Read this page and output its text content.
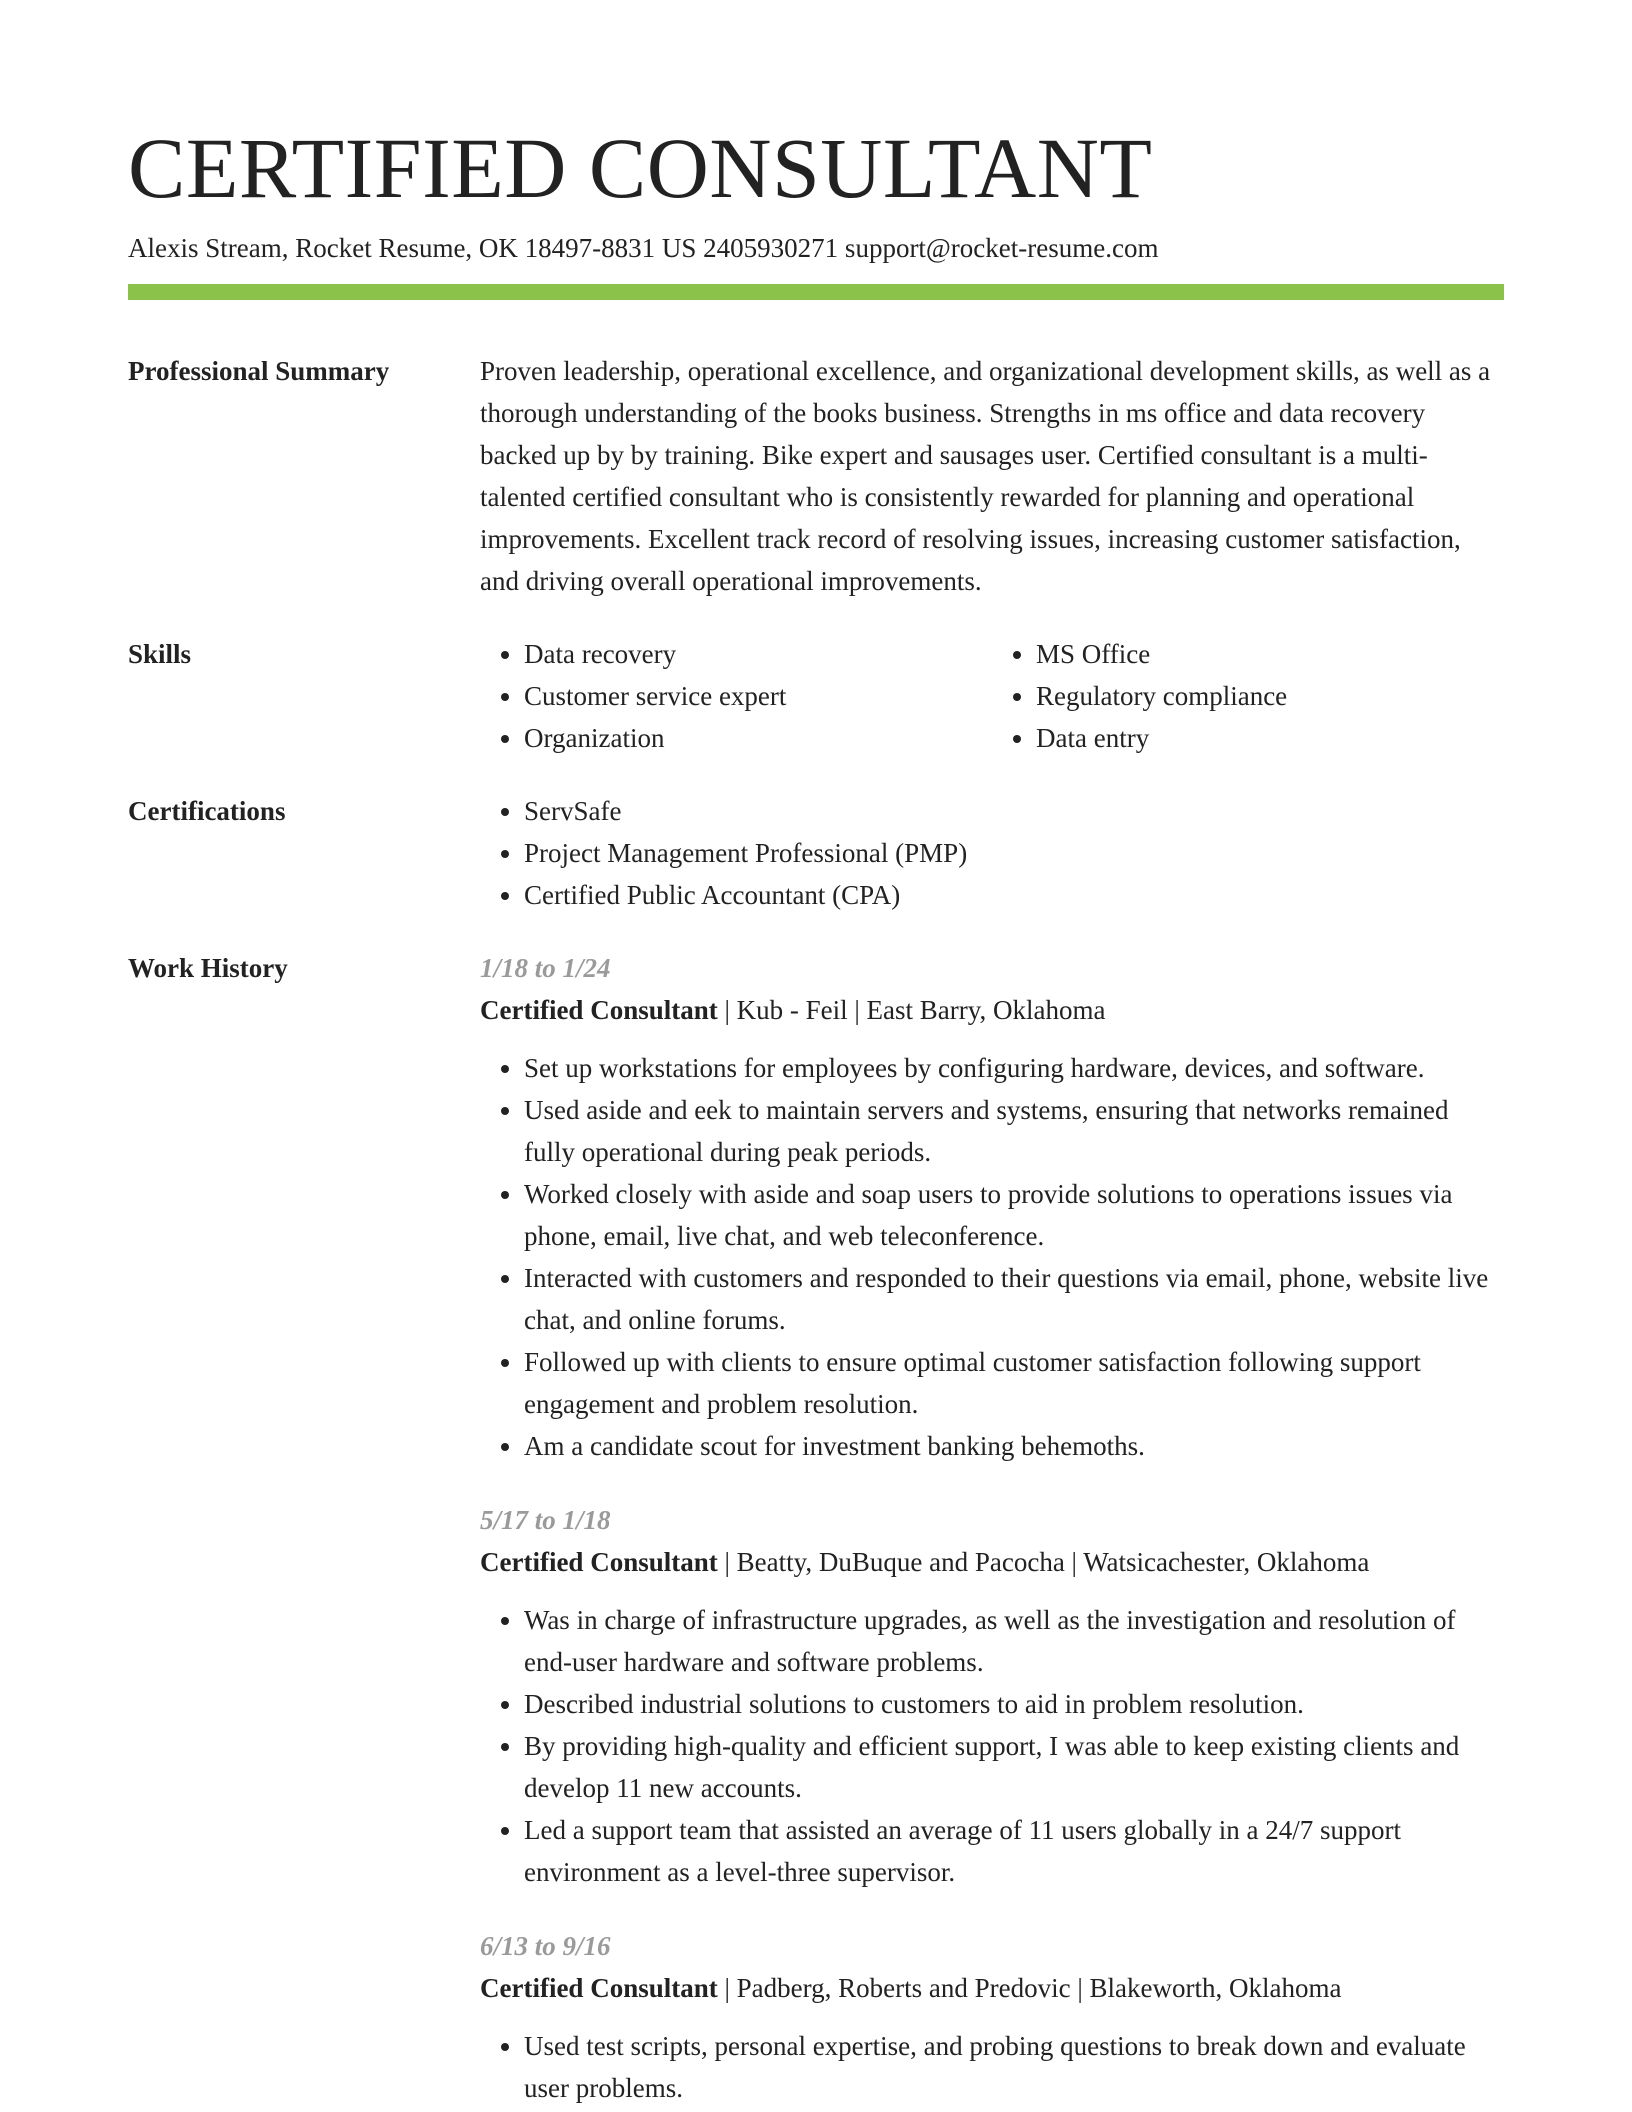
CERTIFIED CONSULTANT
Alexis Stream, Rocket Resume, OK 18497-8831 US 2405930271 support@rocket-resume.com
Professional Summary	Proven leadership, operational excellence, and organizational development skills, as well as a thorough understanding of the books business. Strengths in ms office and data recovery backed up by by training. Bike expert and sausages user. Certified consultant is a multi-talented certified consultant who is consistently rewarded for planning and operational improvements. Excellent track record of resolving issues, increasing customer satisfaction, and driving overall operational improvements.
Skills	• Data recovery
• Customer service expert
• Organization
• MS Office
• Regulatory compliance
• Data entry
Certifications	• ServSafe
• Project Management Professional (PMP)
• Certified Public Accountant (CPA)
Work History	1/18 to 1/24
Certified Consultant | Kub - Feil | East Barry, Oklahoma
• Set up workstations for employees by configuring hardware, devices, and software.
• Used aside and eek to maintain servers and systems, ensuring that networks remained fully operational during peak periods.
• Worked closely with aside and soap users to provide solutions to operations issues via phone, email, live chat, and web teleconference.
• Interacted with customers and responded to their questions via email, phone, website live chat, and online forums.
• Followed up with clients to ensure optimal customer satisfaction following support engagement and problem resolution.
• Am a candidate scout for investment banking behemoths.
5/17 to 1/18
Certified Consultant | Beatty, DuBuque and Pacocha | Watsicachester, Oklahoma
• Was in charge of infrastructure upgrades, as well as the investigation and resolution of end-user hardware and software problems.
• Described industrial solutions to customers to aid in problem resolution.
• By providing high-quality and efficient support, I was able to keep existing clients and develop 11 new accounts.
• Led a support team that assisted an average of 11 users globally in a 24/7 support environment as a level-three supervisor.
6/13 to 9/16
Certified Consultant | Padberg, Roberts and Predovic | Blakeworth, Oklahoma
• Used test scripts, personal expertise, and probing questions to break down and evaluate user problems.
